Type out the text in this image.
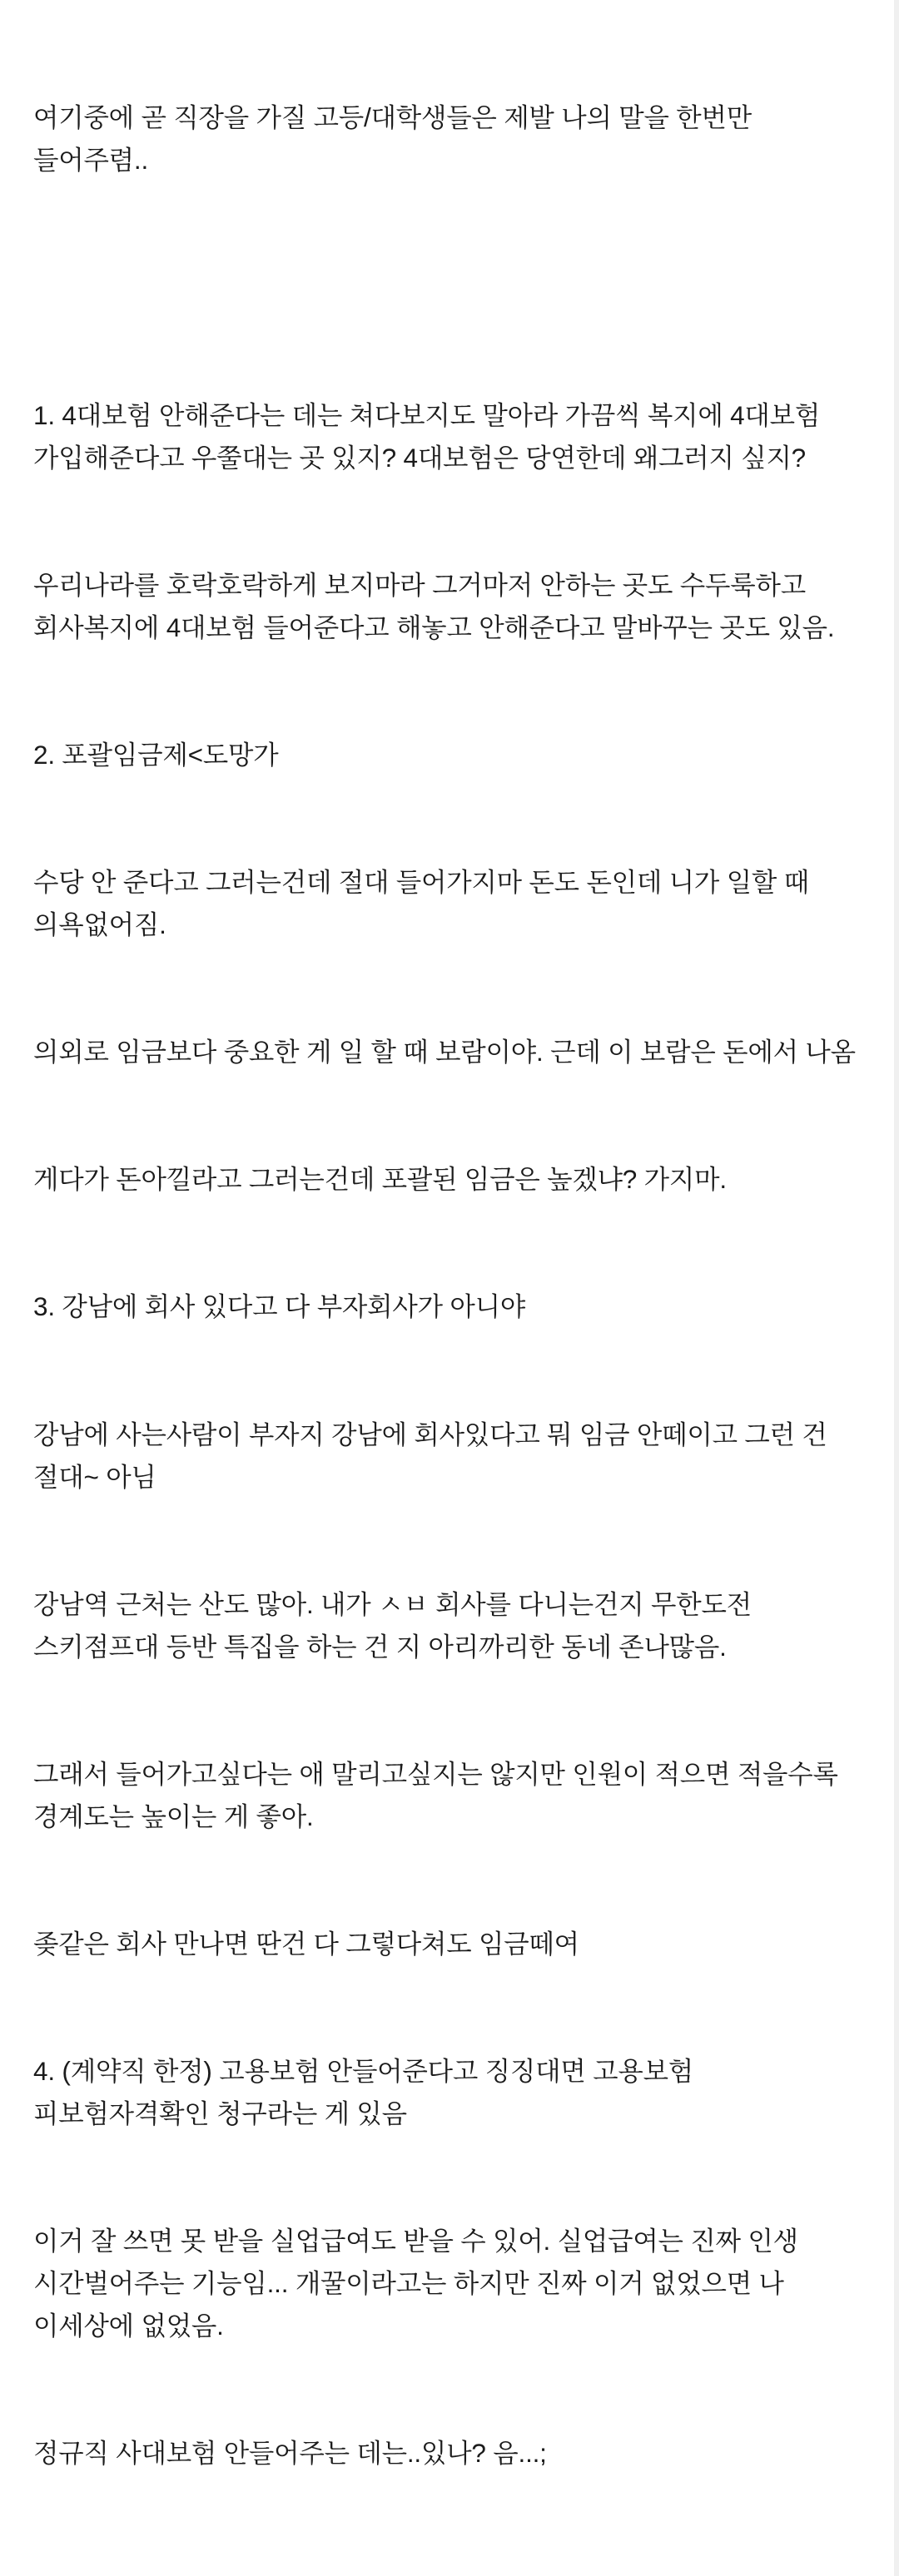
여기중에 곧 직장을 가질 고등/대학생들은 제발 나의 말을 한번만 들어주렴..

1. 4대보험 안해준다는 데는 쳐다보지도 말아라 가끔씩 복지에 4대보험 가입해준다고 우쭐대는 곳 있지? 4대보험은 당연한데 왜그러지 싶지?

우리나라를 호락호락하게 보지마라 그거마저 안하는 곳도 수두룩하고 회사복지에 4대보험 들어준다고 해놓고 안해준다고 말바꾸는 곳도 있음.

2. 포괄임금제<도망가

수당 안 준다고 그러는건데 절대 들어가지마 돈도 돈인데 니가 일할 때 의욕없어짐.

의외로 임금보다 중요한 게 일 할 때 보람이야. 근데 이 보람은 돈에서 나옴

게다가 돈아낄라고 그러는건데 포괄된 임금은 높겠냐? 가지마.

3. 강남에 회사 있다고 다 부자회사가 아니야

강남에 사는사람이 부자지 강남에 회사있다고 뭐 임금 안떼이고 그런 건 절대~ 아님

강남역 근처는 산도 많아. 내가 ㅅㅂ 회사를 다니는건지 무한도전 스키점프대 등반 특집을 하는 건 지 아리까리한 동네 존나많음.

그래서 들어가고싶다는 애 말리고싶지는 않지만 인원이 적으면 적을수록 경계도는 높이는 게 좋아.

좆같은 회사 만나면 딴건 다 그렇다쳐도 임금떼여

4. (계약직 한정) 고용보험 안들어준다고 징징대면 고용보험 피보험자격확인 청구라는 게 있음

이거 잘 쓰면 못 받을 실업급여도 받을 수 있어. 실업급여는 진짜 인생 시간벌어주는 기능임... 개꿀이라고는 하지만 진짜 이거 없었으면 나 이세상에 없었음.

정규직 사대보험 안들어주는 데는..있나? 음...;
